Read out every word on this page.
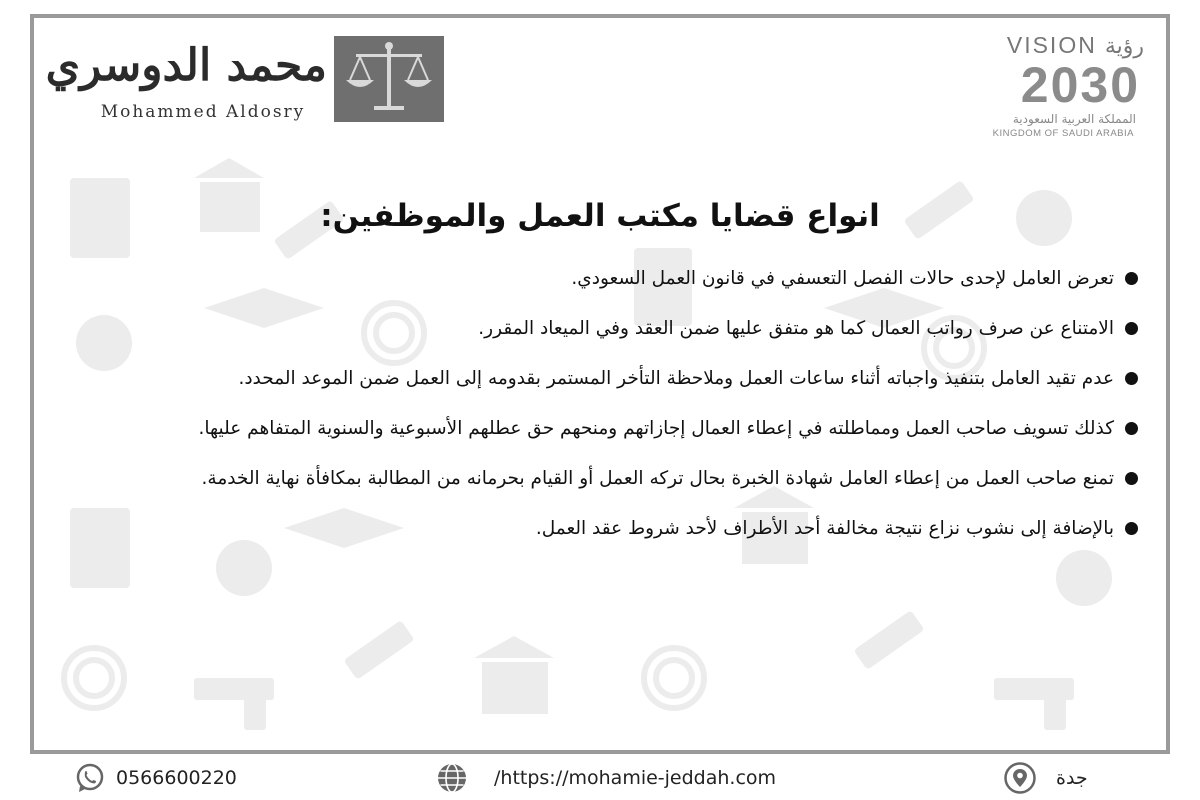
محمد الدوسري
Mohammed Aldosry
VISION رؤية
2030
المملكة العربية السعودية
KINGDOM OF SAUDI ARABIA
انواع قضايا مكتب العمل والموظفين:
تعرض العامل لإحدى حالات الفصل التعسفي في قانون العمل السعودي.
الامتناع عن صرف رواتب العمال كما هو متفق عليها ضمن العقد وفي الميعاد المقرر.
عدم تقيد العامل بتنفيذ واجباته أثناء ساعات العمل وملاحظة التأخر المستمر بقدومه إلى العمل ضمن الموعد المحدد.
كذلك تسويف صاحب العمل ومماطلته في إعطاء العمال إجازاتهم ومنحهم حق عطلهم الأسبوعية والسنوية المتفاهم عليها.
تمنع صاحب العمل من إعطاء العامل شهادة الخبرة بحال تركه العمل أو القيام بحرمانه من المطالبة بمكافأة نهاية الخدمة.
بالإضافة إلى نشوب نزاع نتيجة مخالفة أحد الأطراف لأحد شروط عقد العمل.
0566600220	/https://mohamie-jeddah.com	جدة
